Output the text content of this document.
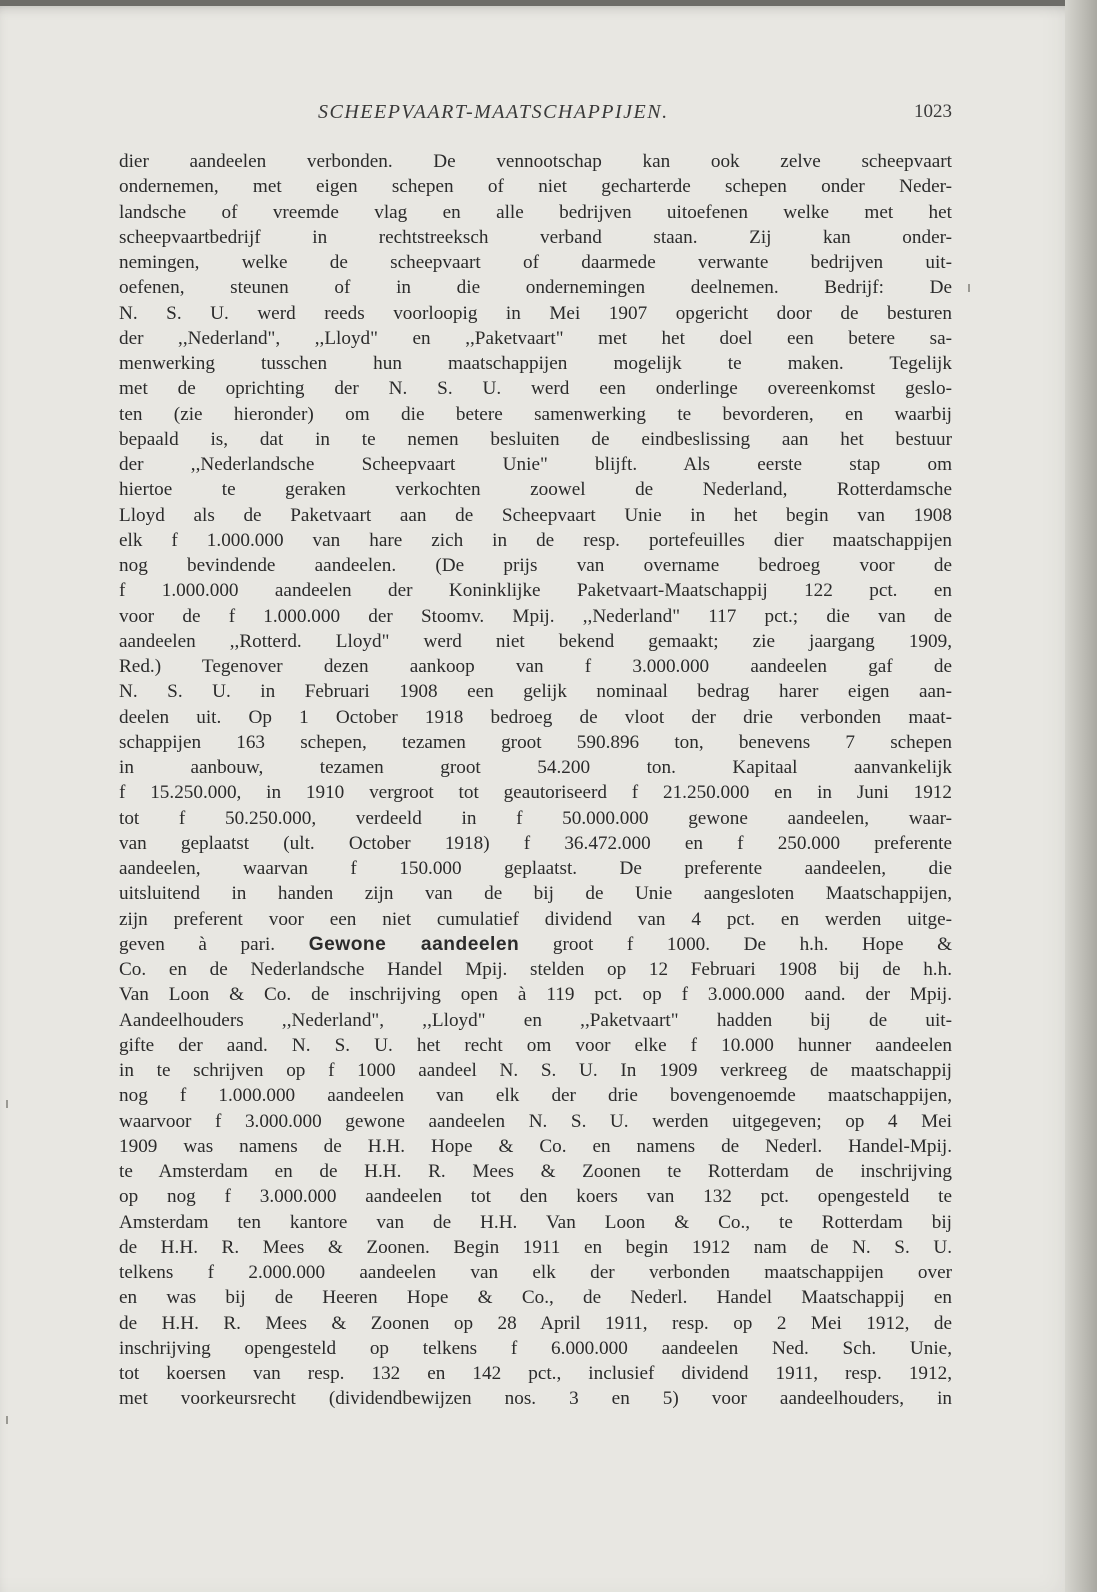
SCHEEPVAART-MAATSCHAPPIJEN.	1023
dier aandeelen verbonden. De vennootschap kan ook zelve scheepvaart
ondernemen, met eigen schepen of niet gecharterde schepen onder Neder-
landsche of vreemde vlag en alle bedrijven uitoefenen welke met het
scheepvaartbedrijf in rechtstreeksch verband staan. Zij kan onder-
nemingen, welke de scheepvaart of daarmede verwante bedrijven uit-
oefenen, steunen of in die ondernemingen deelnemen. Bedrijf: De
N. S. U. werd reeds voorloopig in Mei 1907 opgericht door de besturen
der ,,Nederland", ,,Lloyd" en ,,Paketvaart" met het doel een betere sa-
menwerking tusschen hun maatschappijen mogelijk te maken. Tegelijk
met de oprichting der N. S. U. werd een onderlinge overeenkomst geslo-
ten (zie hieronder) om die betere samenwerking te bevorderen, en waarbij
bepaald is, dat in te nemen besluiten de eindbeslissing aan het bestuur
der ,,Nederlandsche Scheepvaart Unie" blijft. Als eerste stap om
hiertoe te geraken verkochten zoowel de Nederland, Rotterdamsche
Lloyd als de Paketvaart aan de Scheepvaart Unie in het begin van 1908
elk f 1.000.000 van hare zich in de resp. portefeuilles dier maatschappijen
nog bevindende aandeelen. (De prijs van overname bedroeg voor de
f 1.000.000 aandeelen der Koninklijke Paketvaart-Maatschappij 122 pct. en
voor de f 1.000.000 der Stoomv. Mpij. ,,Nederland" 117 pct.; die van de
aandeelen ,,Rotterd. Lloyd" werd niet bekend gemaakt; zie jaargang 1909,
Red.) Tegenover dezen aankoop van f 3.000.000 aandeelen gaf de
N. S. U. in Februari 1908 een gelijk nominaal bedrag harer eigen aan-
deelen uit. Op 1 October 1918 bedroeg de vloot der drie verbonden maat-
schappijen 163 schepen, tezamen groot 590.896 ton, benevens 7 schepen
in aanbouw, tezamen groot 54.200 ton. Kapitaal aanvankelijk
f 15.250.000, in 1910 vergroot tot geautoriseerd f 21.250.000 en in Juni 1912
tot f 50.250.000, verdeeld in f 50.000.000 gewone aandeelen, waar-
van geplaatst (ult. October 1918) f 36.472.000 en f 250.000 preferente
aandeelen, waarvan f 150.000 geplaatst. De preferente aandeelen, die
uitsluitend in handen zijn van de bij de Unie aangesloten Maatschappijen,
zijn preferent voor een niet cumulatief dividend van 4 pct. en werden uitge-
geven à pari. Gewone aandeelen groot f 1000. De h.h. Hope &
Co. en de Nederlandsche Handel Mpij. stelden op 12 Februari 1908 bij de h.h.
Van Loon & Co. de inschrijving open à 119 pct. op f 3.000.000 aand. der Mpij.
Aandeelhouders ,,Nederland", ,,Lloyd" en ,,Paketvaart" hadden bij de uit-
gifte der aand. N. S. U. het recht om voor elke f 10.000 hunner aandeelen
in te schrijven op f 1000 aandeel N. S. U. In 1909 verkreeg de maatschappij
nog f 1.000.000 aandeelen van elk der drie bovengenoemde maatschappijen,
waarvoor f 3.000.000 gewone aandeelen N. S. U. werden uitgegeven; op 4 Mei
1909 was namens de H.H. Hope & Co. en namens de Nederl. Handel-Mpij.
te Amsterdam en de H.H. R. Mees & Zoonen te Rotterdam de inschrijving
op nog f 3.000.000 aandeelen tot den koers van 132 pct. opengesteld te
Amsterdam ten kantore van de H.H. Van Loon & Co., te Rotterdam bij
de H.H. R. Mees & Zoonen. Begin 1911 en begin 1912 nam de N. S. U.
telkens f 2.000.000 aandeelen van elk der verbonden maatschappijen over
en was bij de Heeren Hope & Co., de Nederl. Handel Maatschappij en
de H.H. R. Mees & Zoonen op 28 April 1911, resp. op 2 Mei 1912, de
inschrijving opengesteld op telkens f 6.000.000 aandeelen Ned. Sch. Unie,
tot koersen van resp. 132 en 142 pct., inclusief dividend 1911, resp. 1912,
met voorkeursrecht (dividendbewijzen nos. 3 en 5) voor aandeelhouders, in
